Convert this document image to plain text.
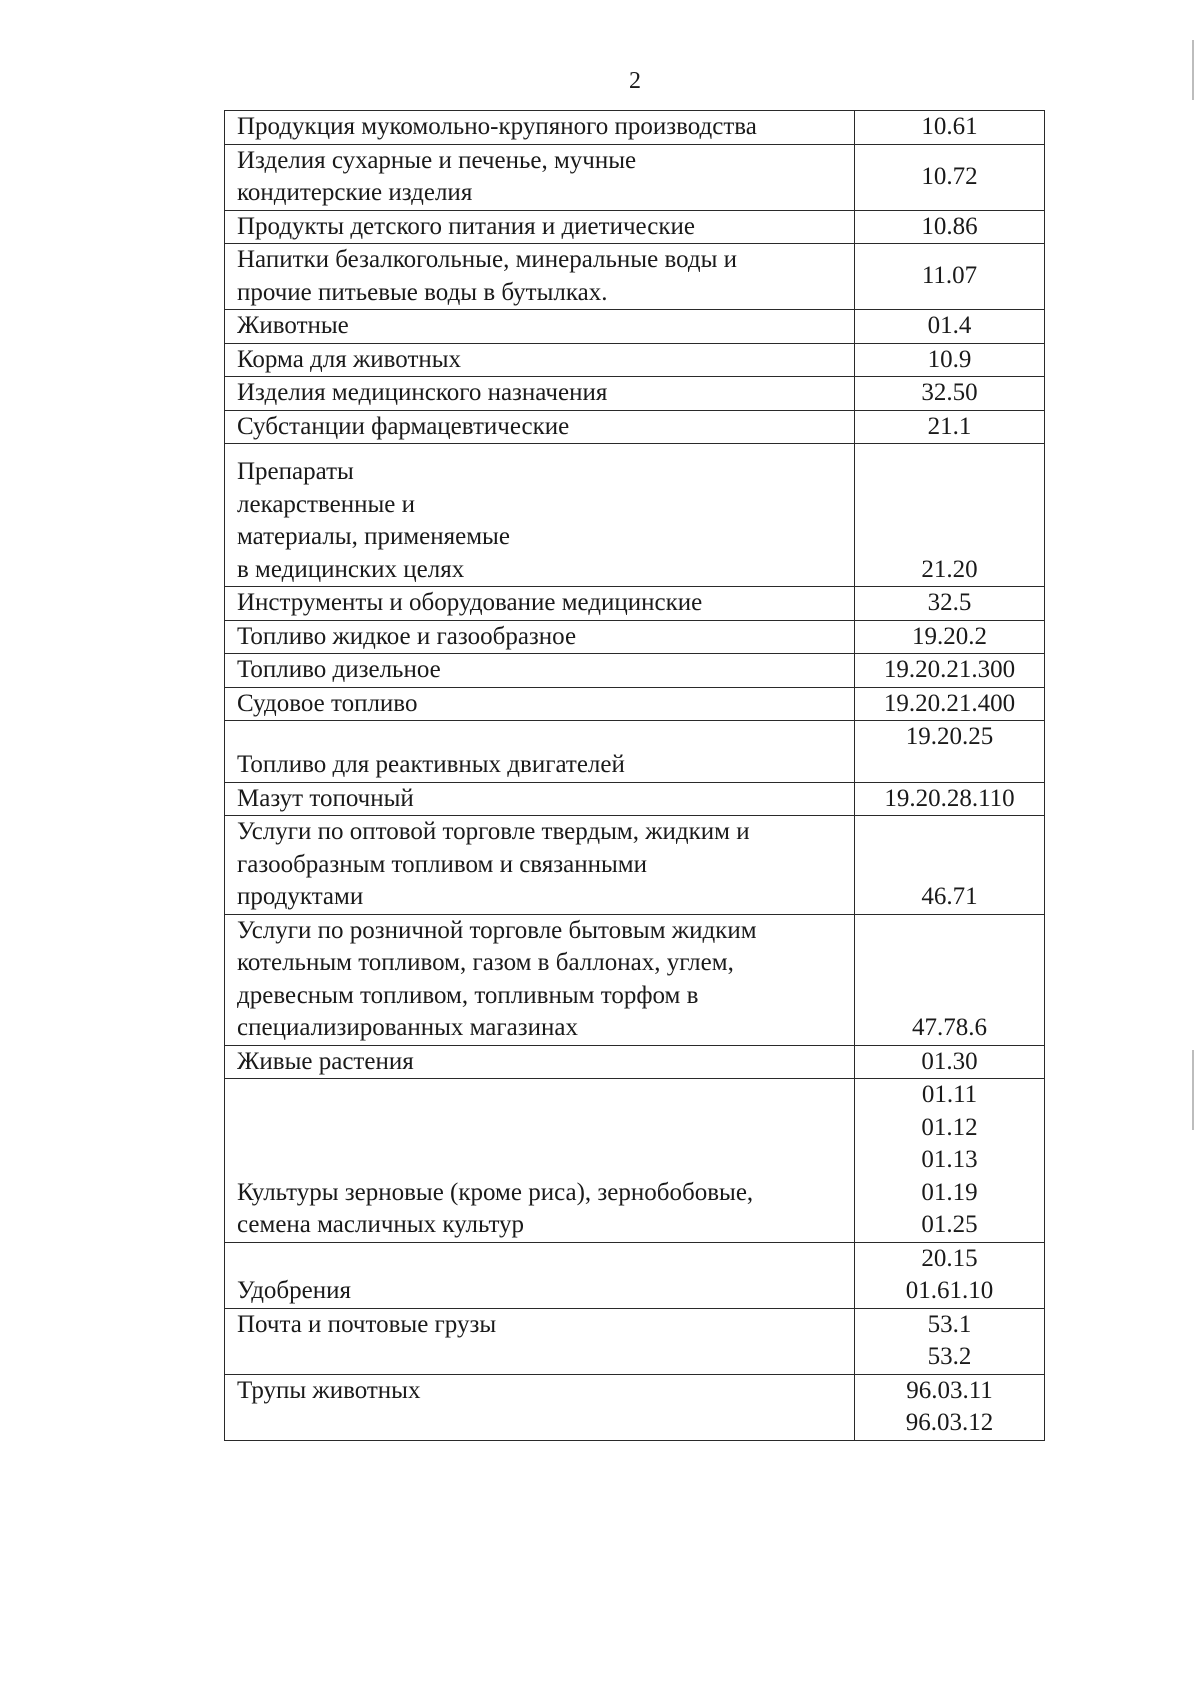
2
Продукция мукомольно-крупяного производства	10.61

Изделия сухарные и печенье, мучные
кондитерские изделия	10.72

Продукты детского питания и диетические	10.86

Напитки безалкогольные, минеральные воды и
прочие питьевые воды в бутылках.	11.07

Животные	01.4

Корма для животных	10.9

Изделия медицинского назначения	32.50

Субстанции фармацевтические	21.1

Препараты
лекарственные и
материалы, применяемые
в медицинских целях	21.20

Инструменты и оборудование медицинские	32.5

Топливо жидкое и газообразное	19.20.2

Топливо дизельное	19.20.21.300

Судовое топливо	19.20.21.400

Топливо для реактивных двигателей	19.20.25

Мазут топочный	19.20.28.110

Услуги по оптовой торговле твердым, жидким и
газообразным топливом и связанными
продуктами	46.71

Услуги по розничной торговле бытовым жидким
котельным топливом, газом в баллонах, углем,
древесным топливом, топливным торфом в
специализированных магазинах	47.78.6

Живые растения	01.30

Культуры зерновые (кроме риса), зернобобовые,
семена масличных культур	01.11
01.12
01.13
01.19
01.25

Удобрения	20.15
01.61.10

Почта и почтовые грузы	53.1
53.2

Трупы животных	96.03.11
96.03.12
